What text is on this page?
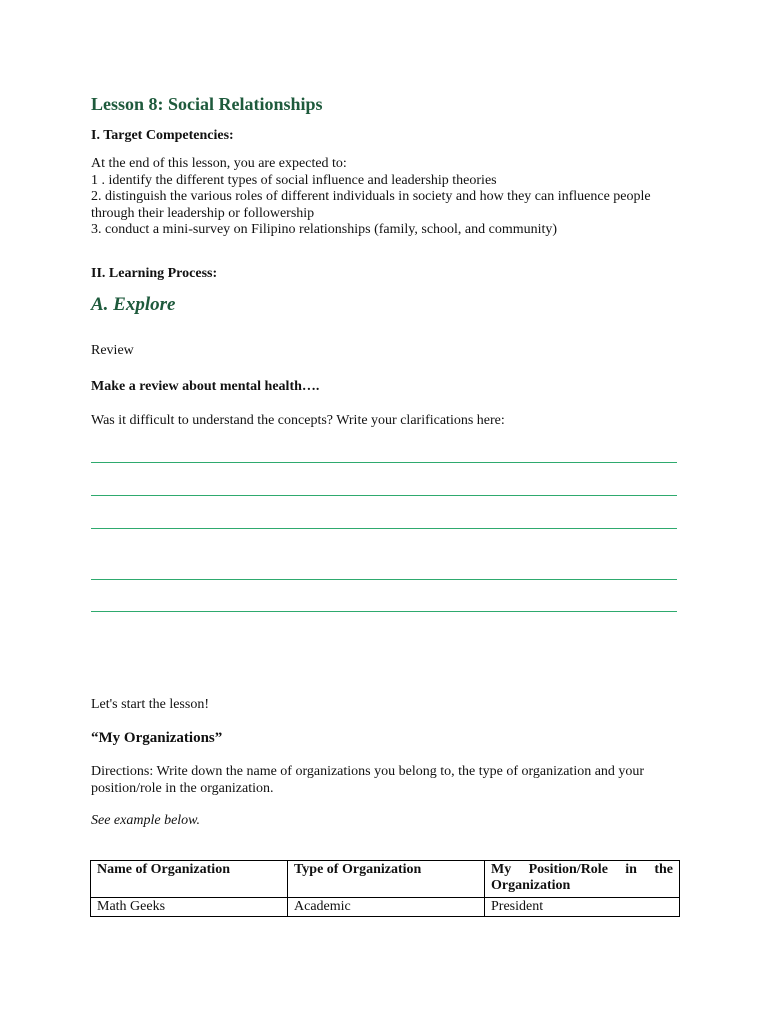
Lesson 8: Social Relationships
I. Target Competencies:
At the end of this lesson, you are expected to:
1 . identify the different types of social influence and leadership theories
2. distinguish the various roles of different individuals in society and how they can influence people
through their leadership or followership
3. conduct a mini-survey on Filipino relationships (family, school, and community)
II. Learning Process:
A. Explore
Review
Make a review about mental health….
Was it difficult to understand the concepts? Write your clarifications here:
Let's start the lesson!
“My Organizations”
Directions: Write down the name of organizations you belong to, the type of organization and your
position/role in the organization.
See example below.
Name of Organization	Type of Organization	My Position/Role in the
Organization

Math Geeks	Academic	President
